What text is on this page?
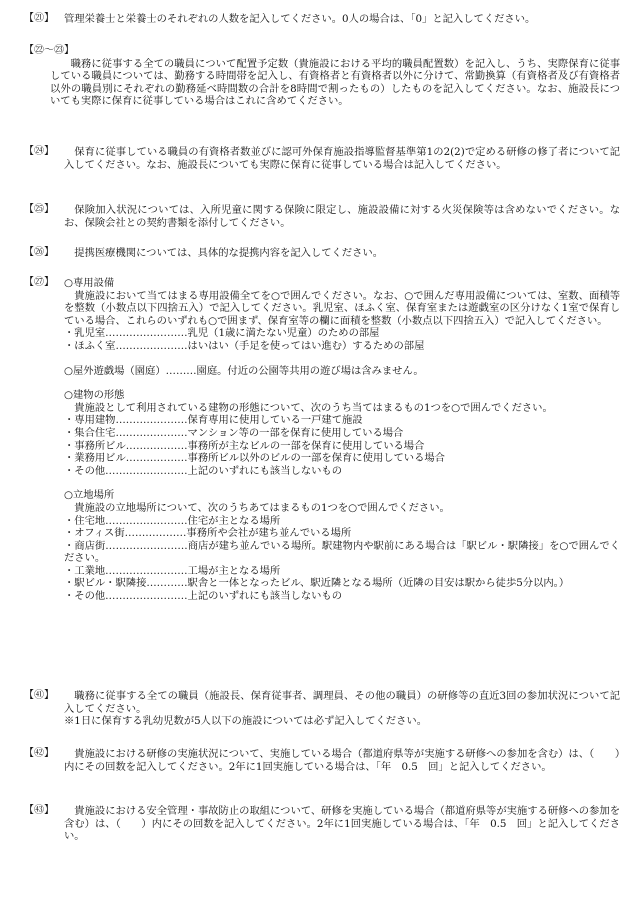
【㉑】 管理栄養士と栄養士のそれぞれの人数を記入してください。0人の場合は、「0」と記入してください。

【㉒～㉓】

職務に従事する全ての職員について配置予定数（貴施設における平均的職員配置数）を記入し、うち、実際保育に従事している職員については、勤務する時間帯を記入し、有資格者と有資格者以外に分けて、常勤換算（有資格者及び有資格者以外の職員別にそれぞれの勤務延べ時間数の合計を8時間で割ったもの）したものを記入してください。なお、施設長についても実際に保育に従事している場合はこれに含めてください。

【㉔】	保育に従事している職員の有資格者数並びに認可外保育施設指導監督基準第1の2(2)で定める研修の修了者について記入してください。なお、施設長についても実際に保育に従事している場合は記入してください。

【㉕】	保険加入状況については、入所児童に関する保険に限定し、施設設備に対する火災保険等は含めないでください。なお、保険会社との契約書類を添付してください。

【㉖】	提携医療機関については、具体的な提携内容を記入してください。

【㉗】 ○専用設備

貴施設において当てはまる専用設備全てを○で囲んでください。なお、○で囲んだ専用設備については、室数、面積等を整数（小数点以下四捨五入）で記入してください。乳児室、ほふく室、保育室または遊戯室の区分けなく1室で保育している場合、これらのいずれも○で囲まず、保育室等の欄に面積を整数（小数点以下四捨五入）で記入してください。

・乳児室……………………乳児（1歳に満たない児童）のための部屋

・ほふく室…………………はいはい（手足を使ってはい進む）するための部屋

○屋外遊戯場（園庭）………園庭。付近の公園等共用の遊び場は含みません。

○建物の形態

貴施設として利用されている建物の形態について、次のうち当てはまるもの1つを○で囲んでください。

・専用建物…………………保育専用に使用している一戸建て施設

・集合住宅…………………マンション等の一部を保育に使用している場合

・事務所ビル………………事務所が主なビルの一部を保育に使用している場合

・業務用ビル………………事務所ビル以外のビルの一部を保育に使用している場合

・その他……………………上記のいずれにも該当しないもの

○立地場所

貴施設の立地場所について、次のうちあてはまるもの1つを○で囲んでください。

・住宅地……………………住宅が主となる場所

・オフィス街………………事務所や会社が建ち並んでいる場所

・商店街……………………商店が建ち並んでいる場所。駅建物内や駅前にある場合は「駅ビル・駅隣接」を○で囲んでください。

・工業地……………………工場が主となる場所

・駅ビル・駅隣接…………駅舎と一体となったビル、駅近隣となる場所（近隣の目安は駅から徒歩5分以内。）

・その他……………………上記のいずれにも該当しないもの

【㊶】	職務に従事する全ての職員（施設長、保育従事者、調理員、その他の職員）の研修等の直近3回の参加状況について記入してください。

※1日に保育する乳幼児数が5人以下の施設については必ず記入してください。

【㊷】	貴施設における研修の実施状況について、実施している場合（都道府県等が実施する研修への参加を含む）は、（　　）内にその回数を記入してください。2年に1回実施している場合は、「年　0.5　回」と記入してください。

【㊸】	貴施設における安全管理・事故防止の取組について、研修を実施している場合（都道府県等が実施する研修への参加を含む）は、（　　）内にその回数を記入してください。2年に1回実施している場合は、「年　0.5　回」と記入してください。
